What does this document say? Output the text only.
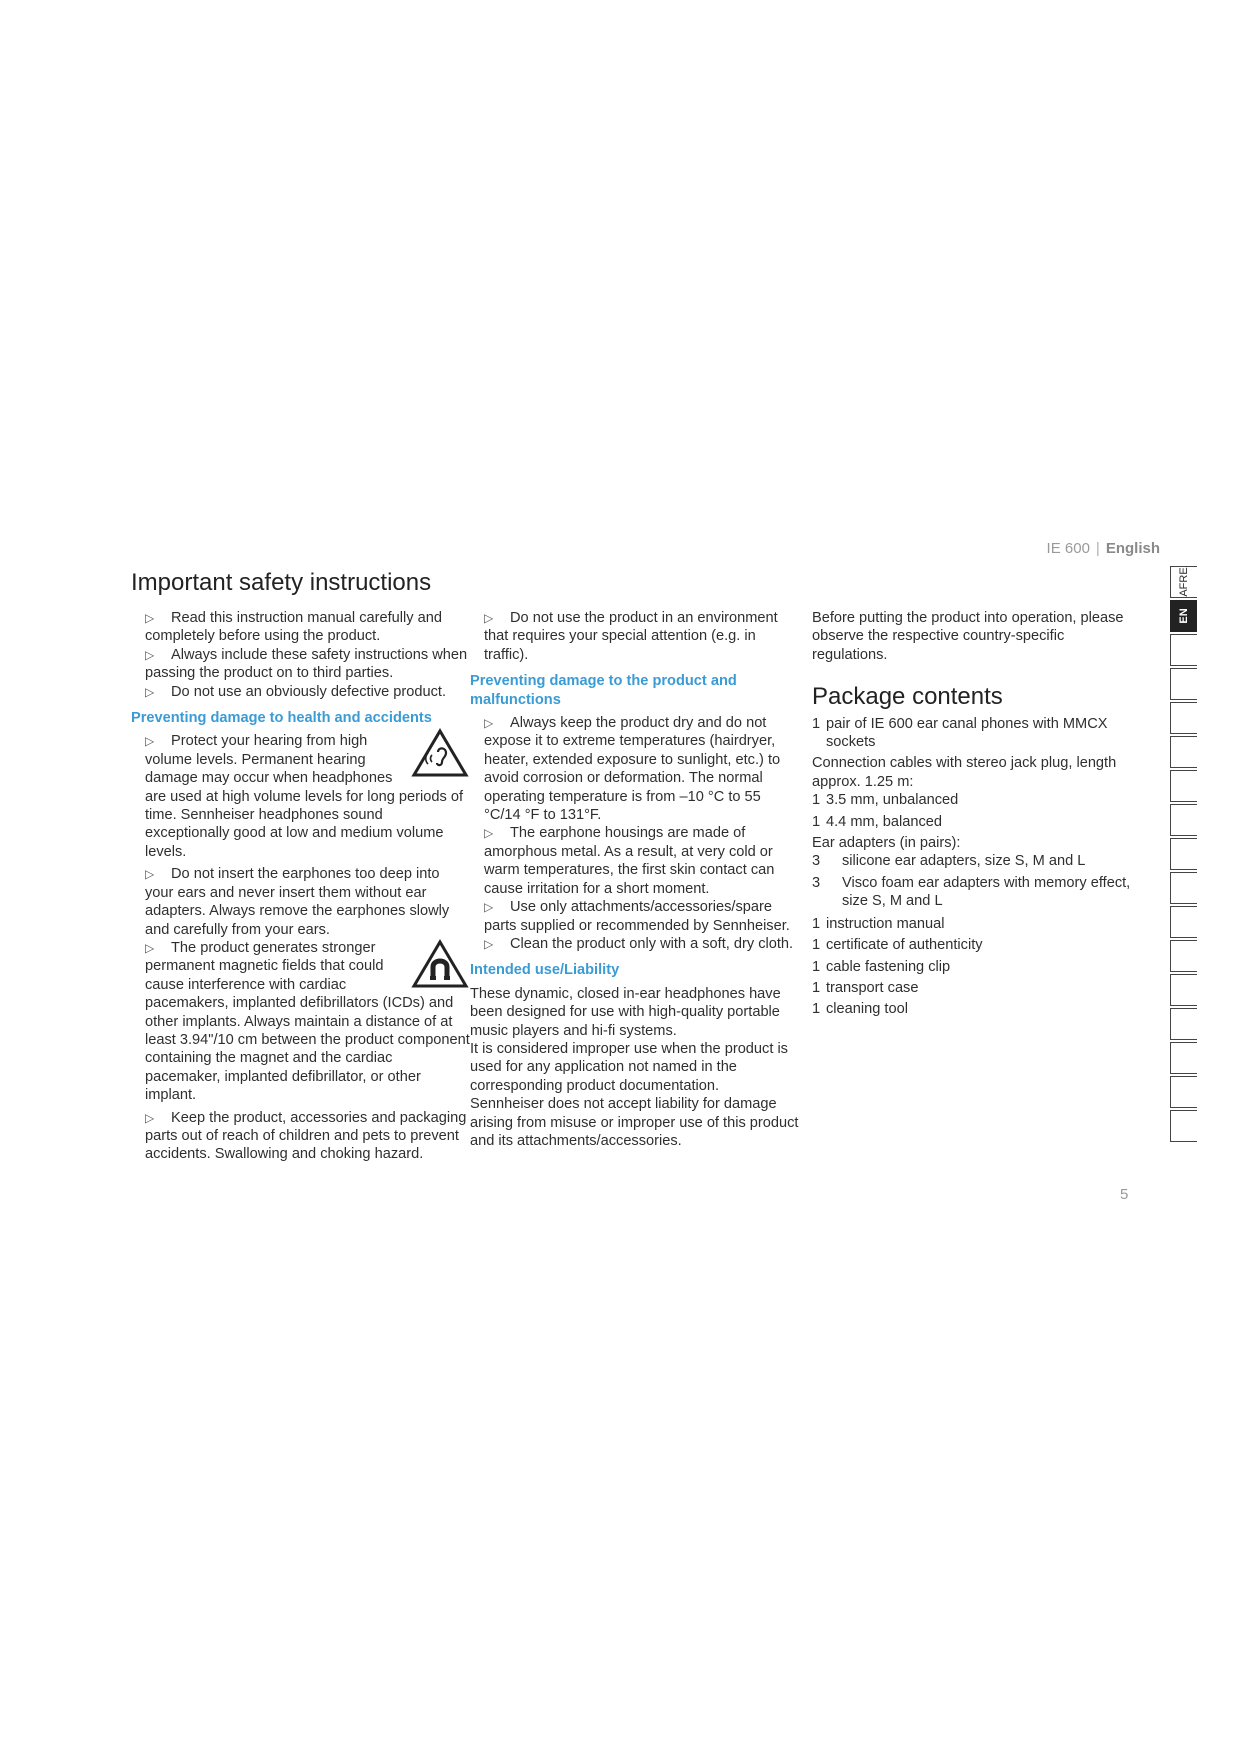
IE 600 | English
Important safety instructions

▷ Read this instruction manual carefully and completely before using the product.

▷ Always include these safety instructions when passing the product on to third parties.

▷ Do not use an obviously defective product.

Preventing damage to health and accidents
▷ Protect your hearing from high volume levels. Permanent hearing damage may occur when headphones are used at high volume levels for long periods of time. Sennheiser headphones sound exceptionally good at low and medium volume levels.

▷ Do not insert the earphones too deep into your ears and never insert them without ear adapters. Always remove the earphones slowly and carefully from your ears.

▷ The product generates stronger permanent magnetic fields that could cause interference with cardiac pacemakers, implanted defibrillators (ICDs) and other implants. Always maintain a distance of at least 3.94"/10 cm between the product component containing the magnet and the cardiac pacemaker, implanted defibrillator, or other implant.

▷ Keep the product, accessories and packaging parts out of reach of children and pets to prevent accidents. Swallowing and choking hazard.

▷ Do not use the product in an environment that requires your special attention (e.g. in traffic).

Preventing damage to the product and malfunctions

▷ Always keep the product dry and do not expose it to extreme temperatures (hairdryer, heater, extended exposure to sunlight, etc.) to avoid corrosion or deformation. The normal operating temperature is from –10 °C to 55 °C/14 °F to 131°F.

▷ The earphone housings are made of amorphous metal. As a result, at very cold or warm temperatures, the first skin contact can cause irritation for a short moment.

▷ Use only attachments/accessories/spare parts supplied or recommended by Sennheiser.

▷ Clean the product only with a soft, dry cloth.

Intended use/Liability

These dynamic, closed in-ear headphones have been designed for use with high-quality portable music players and hi-fi systems.

It is considered improper use when the product is used for any application not named in the corresponding product documentation.

Sennheiser does not accept liability for damage arising from misuse or improper use of this product and its attachments/accessories.

Before putting the product into operation, please observe the respective country-specific regulations.

Package contents
1 pair of IE 600 ear canal phones with MMCX sockets

Connection cables with stereo jack plug, length approx. 1.25 m:

1 3.5 mm, unbalanced
1 4.4 mm, balanced

Ear adapters (in pairs):

3	silicone ear adapters, size S, M and L
3	Visco foam ear adapters with memory effect, size S, M and L
1 instruction manual
1 certificate of authenticity
1 cable fastening clip
1 transport case
1 cleaning tool
AFRE
EN
5
